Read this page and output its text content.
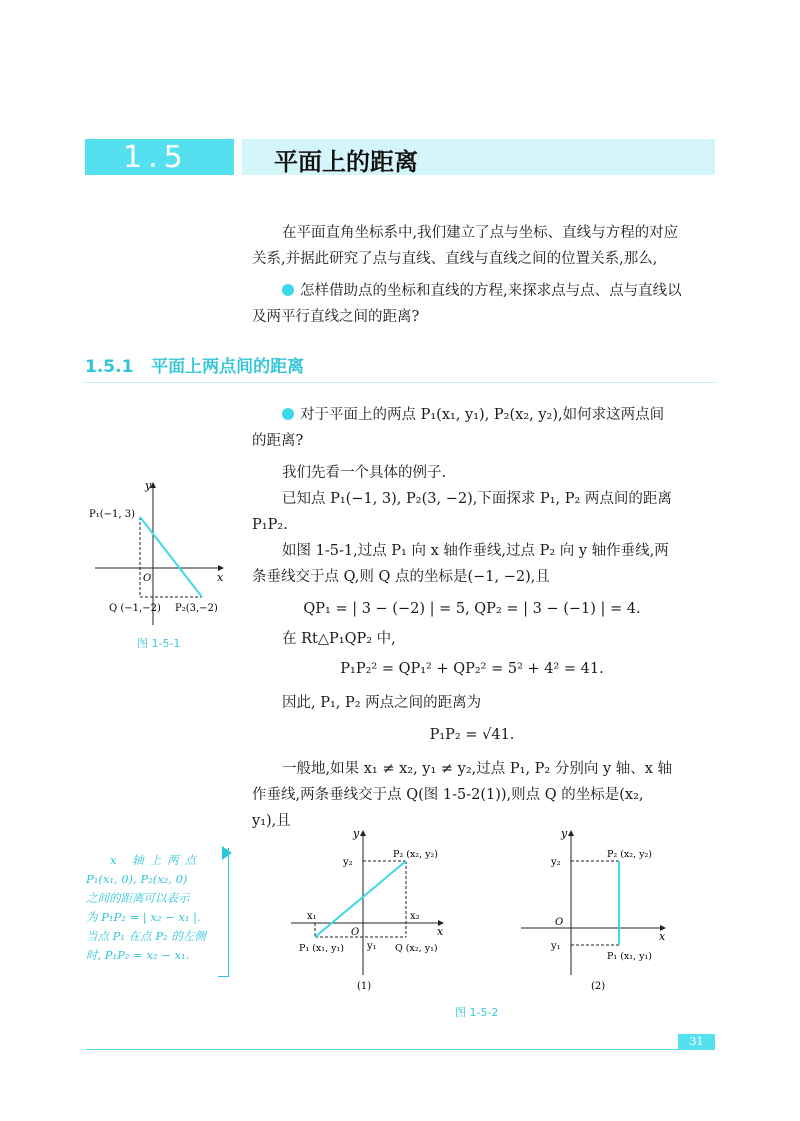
1.5	平面上的距离
在平面直角坐标系中,我们建立了点与坐标、直线与方程的对应
关系,并据此研究了点与直线、直线与直线之间的位置关系,那么,
怎样借助点的坐标和直线的方程,来探求点与点、点与直线以
及两平行直线之间的距离?
1.5.1 平面上两点间的距离
对于平面上的两点 P₁(x₁, y₁), P₂(x₂, y₂),如何求这两点间
的距离?
我们先看一个具体的例子.
已知点 P₁(−1, 3), P₂(3, −2),下面探求 P₁, P₂ 两点间的距离
P₁P₂.
如图 1-5-1,过点 P₁ 向 x 轴作垂线,过点 P₂ 向 y 轴作垂线,两
条垂线交于点 Q,则 Q 点的坐标是(−1, −2),且
QP₁ = | 3 − (−2) | = 5, QP₂ = | 3 − (−1) | = 4.
在 Rt△P₁QP₂ 中,
P₁P₂² = QP₁² + QP₂² = 5² + 4² = 41.
因此, P₁, P₂ 两点之间的距离为
P₁P₂ = √41.
一般地,如果 x₁ ≠ x₂, y₁ ≠ y₂,过点 P₁, P₂ 分别向 y 轴、x 轴
作垂线,两条垂线交于点 Q(图 1-5-2(1)),则点 Q 的坐标是(x₂,
y₁),且
y
x
O
P₁(−1, 3)
Q (−1,−2) P₂(3,−2)
图 1-5-1
y
x
O
y₂
x₁	x₂
y₁
P₂ (x₂, y₂)
P₁ (x₁, y₁)	Q (x₂, y₁)
(1)
y
x
O
y₂
y₁
P₂ (x₂, y₂)
P₁ (x₁, y₁)
(2)
图 1-5-2
x 轴上两点
P₁(x₁, 0), P₂(x₂, 0)
之间的距离可以表示
为 P₁P₂ = | x₂ − x₁ |.
当点 P₁ 在点 P₂ 的左侧
时, P₁P₂ = x₂ − x₁.
31
